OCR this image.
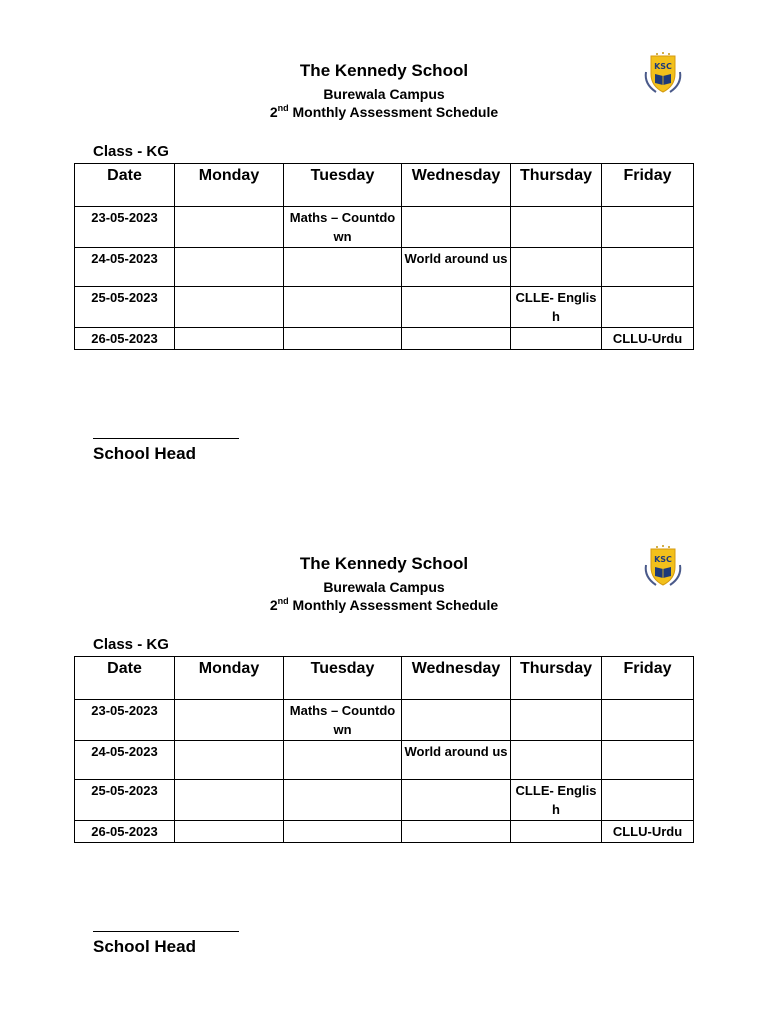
The Kennedy School
Burewala Campus
2nd Monthly Assessment Schedule
KSC
Class - KG
Date	Monday	Tuesday	Wednesday	Thursday	Friday
23-05-2023		Maths – Countdown			
24-05-2023			World around us		
25-05-2023				CLLE- English	
26-05-2023					CLLU-Urdu
School Head
The Kennedy School
Burewala Campus
2nd Monthly Assessment Schedule
KSC
Class - KG
Date	Monday	Tuesday	Wednesday	Thursday	Friday
23-05-2023		Maths – Countdown			
24-05-2023			World around us		
25-05-2023				CLLE- English	
26-05-2023					CLLU-Urdu
School Head
